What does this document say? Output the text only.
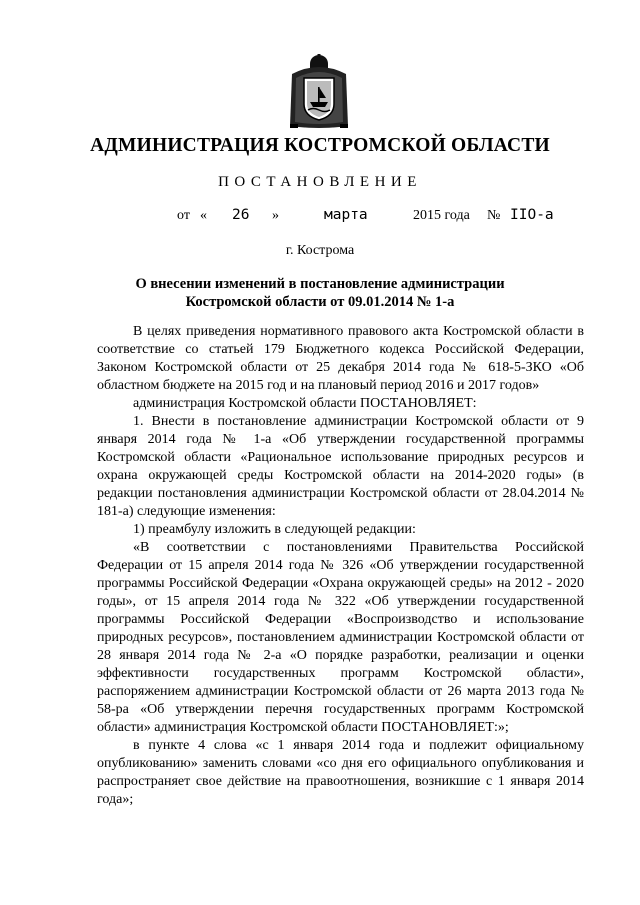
АДМИНИСТРАЦИЯ КОСТРОМСКОЙ ОБЛАСТИ
ПОСТАНОВЛЕНИЕ
от « 26 »	марта	2015 года № IIO-а
г. Кострома
О внесении изменений в постановление администрации
Костромской области от 09.01.2014 № 1-а

В целях приведения нормативного правового акта Костромской области в соответствие со статьей 179 Бюджетного кодекса Российской Федерации, Законом Костромской области от 25 декабря 2014 года № 618-5-ЗКО «Об областном бюджете на 2015 год и на плановый период 2016 и 2017 годов»

администрация Костромской области ПОСТАНОВЛЯЕТ:

1. Внести в постановление администрации Костромской области от 9 января 2014 года № 1-а «Об утверждении государственной программы Костромской области «Рациональное использование природных ресурсов и охрана окружающей среды Костромской области на 2014-2020 годы» (в редакции постановления администрации Костромской области от 28.04.2014 № 181-а) следующие изменения:

1) преамбулу изложить в следующей редакции:

«В соответствии с постановлениями Правительства Российской Федерации от 15 апреля 2014 года № 326 «Об утверждении государственной программы Российской Федерации «Охрана окружающей среды» на 2012 - 2020 годы», от 15 апреля 2014 года № 322 «Об утверждении государственной программы Российской Федерации «Воспроизводство и использование природных ресурсов», постановлением администрации Костромской области от 28 января 2014 года № 2-а «О порядке разработки, реализации и оценки эффективности государственных программ Костромской области», распоряжением администрации Костромской области от 26 марта 2013 года № 58-ра «Об утверждении перечня государственных программ Костромской области» администрация Костромской области ПОСТАНОВЛЯЕТ:»;

в пункте 4 слова «с 1 января 2014 года и подлежит официальному опубликованию» заменить словами «со дня его официального опубликования и распространяет свое действие на правоотношения, возникшие с 1 января 2014 года»;
